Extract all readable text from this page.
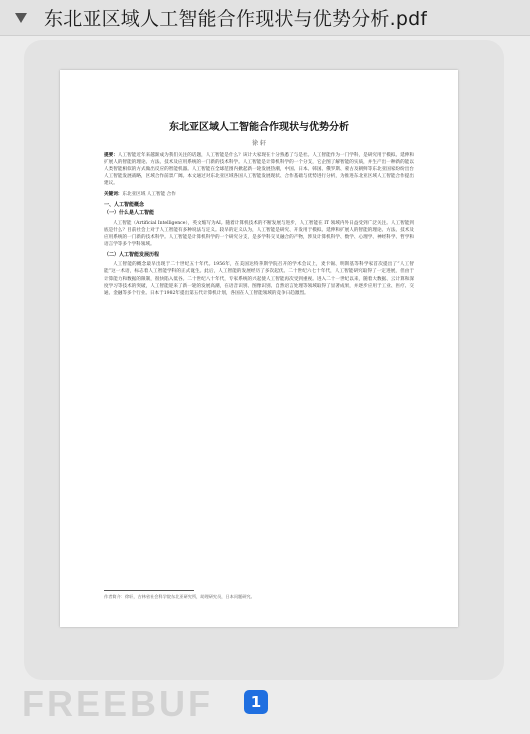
东北亚区域人工智能合作现状与优势分析.pdf
东北亚区域人工智能合作现状与优势分析
徐 轩

提要：人工智能近年来越渐成为我们关注的话题，人工智能是什么？该计大家现在十分熟悉了与是社。人工智能作为一门学科，是研究用于模拟、延伸和扩展人的智能的理论、方法、技术及应用系统的一门新的技术科学。人工智能是计算机科学的一个分支，它企图了解智能的实质，并生产出一种新的能以人类智能相似的方式做出反应的智能机器。人工智能在全球范围内掀起新一轮发展热潮，中国、日本、韩国、俄罗斯、蒙古及朝鲜等东北亚国家纷纷出台人工智能发展战略，区域合作前景广阔。本文通过对东北亚区域各国人工智能发展现状、合作基础与优势进行分析，为推进东北亚区域人工智能合作提出建议。

关键词：东北亚区域 人工智能 合作

一、人工智能概念
（一）什么是人工智能

人工智能（Artificial Intelligence），英文缩写为AI。随着计算机技术的不断发展与进步，人工智能在 IT 领域内外日益受到广泛关注。人工智能到底是什么？目前社会上对于人工智能有多种说法与定义。较早的定义认为，人工智能是研究、开发用于模拟、延伸和扩展人的智能的理论、方法、技术及应用系统的一门新的技术科学。人工智能是计算机科学的一个研究分支，是多学科交叉融合的产物，涉及计算机科学、数学、心理学、神经科学、哲学和语言学等多个学科领域。

（二）人工智能发展历程

人工智能的概念最早出现于二十世纪五十年代。1956年，在美国达特茅斯学院召开的学术会议上，麦卡锡、明斯基等科学家首次提出了“人工智能”这一术语，标志着人工智能学科的正式诞生。此后，人工智能的发展经历了多次起伏。二十世纪六七十年代，人工智能研究取得了一定进展，但由于计算能力和数据的限制，很快陷入低谷。二十世纪八十年代，专家系统的兴起使人工智能再次受到重视。进入二十一世纪以来，随着大数据、云计算和深度学习等技术的突破，人工智能迎来了新一轮的发展高潮，在语音识别、图像识别、自然语言处理等领域取得了显著成果，并逐步应用于工业、医疗、交通、金融等多个行业。日本于1982年提出第五代计算机计划，各国在人工智能领域的竞争日趋激烈。

作者简介：徐轩，吉林省社会科学院东北亚研究所，助理研究员，日本问题研究。
FREEBUF	1
